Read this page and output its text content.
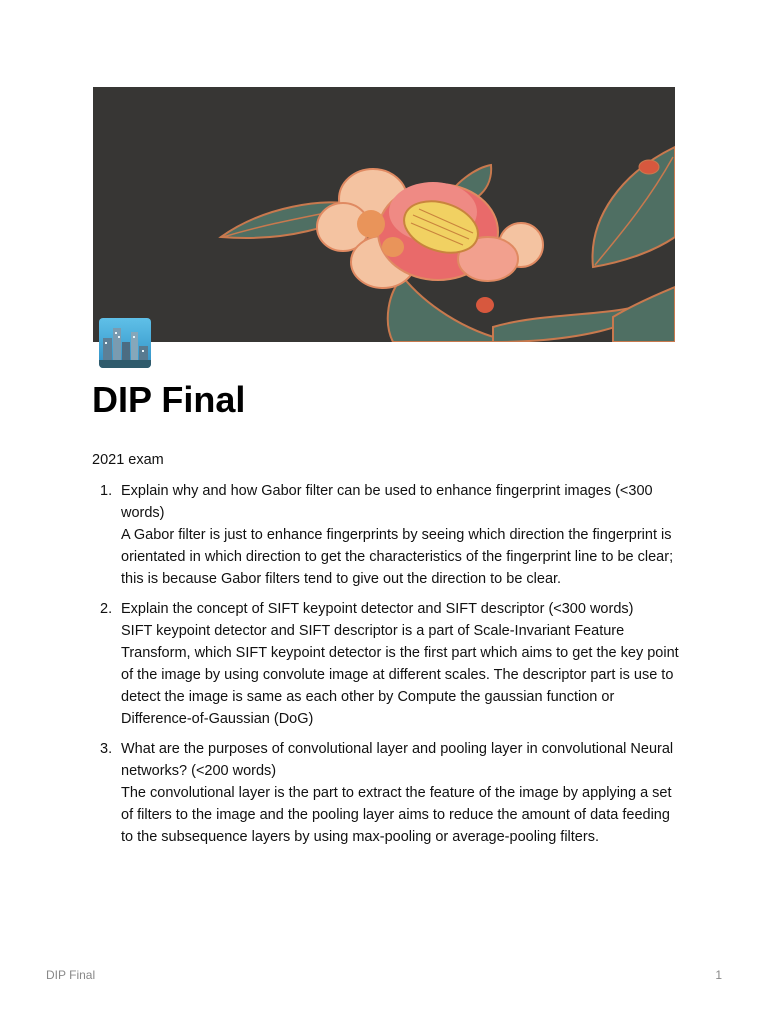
DIP Final

2021 exam

1. Explain why and how Gabor filter can be used to enhance fingerprint images (<300 words)
A Gabor filter is just to enhance fingerprints by seeing which direction the fingerprint is orientated in which direction to get the characteristics of the fingerprint line to be clear; this is because Gabor filters tend to give out the direction to be clear.
2. Explain the concept of SIFT keypoint detector and SIFT descriptor (<300 words)
SIFT keypoint detector and SIFT descriptor is a part of Scale-Invariant Feature Transform, which SIFT keypoint detector is the first part which aims to get the key point of the image by using convolute image at different scales. The descriptor part is use to detect the image is same as each other by Compute the gaussian function or Difference-of-Gaussian (DoG)
3. What are the purposes of convolutional layer and pooling layer in convolutional Neural networks? (<200 words)
The convolutional layer is the part to extract the feature of the image by applying a set of filters to the image and the pooling layer aims to reduce the amount of data feeding to the subsequence layers by using max-pooling or average-pooling filters.
DIP Final	1
